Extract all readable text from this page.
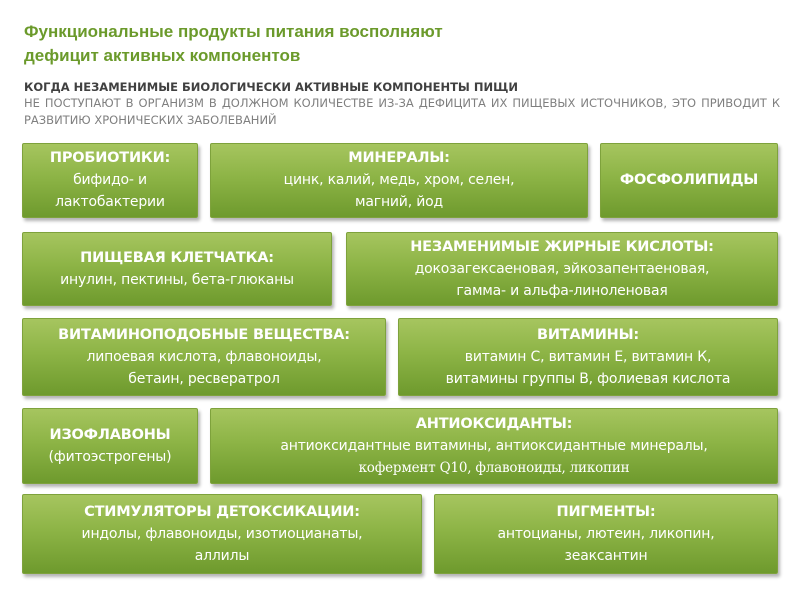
Функциональные продукты питания восполняют
дефицит активных компонентов
КОГДА НЕЗАМЕНИМЫЕ БИОЛОГИЧЕСКИ АКТИВНЫЕ КОМПОНЕНТЫ ПИЩИ
НЕ ПОСТУПАЮТ В ОРГАНИЗМ В ДОЛЖНОМ КОЛИЧЕСТВЕ ИЗ-ЗА ДЕФИЦИТА ИХ ПИЩЕВЫХ ИСТОЧНИКОВ, ЭТО ПРИВОДИТ К РАЗВИТИЮ ХРОНИЧЕСКИХ ЗАБОЛЕВАНИЙ
ПРОБИОТИКИ:
бифидо- и
лактобактерии
МИНЕРАЛЫ:
цинк, калий, медь, хром, селен,
магний, йод
ФОСФОЛИПИДЫ
ПИЩЕВАЯ КЛЕТЧАТКА:
инулин, пектины, бета-глюканы
НЕЗАМЕНИМЫЕ ЖИРНЫЕ КИСЛОТЫ:
докозагексаеновая, эйкозапентаеновая,
гамма- и альфа-линоленовая
ВИТАМИНОПОДОБНЫЕ ВЕЩЕСТВА:
липоевая кислота, флавоноиды,
бетаин, ресвератрол
ВИТАМИНЫ:
витамин С, витамин Е, витамин К,
витамины группы В, фолиевая кислота
ИЗОФЛАВОНЫ
(фитоэстрогены)
АНТИОКСИДАНТЫ:
антиоксидантные витамины, антиоксидантные минералы,
кофермент Q10, флавоноиды, ликопин
СТИМУЛЯТОРЫ ДЕТОКСИКАЦИИ:
индолы, флавоноиды, изотиоцианаты,
аллилы
ПИГМЕНТЫ:
антоцианы, лютеин, ликопин,
зеаксантин
